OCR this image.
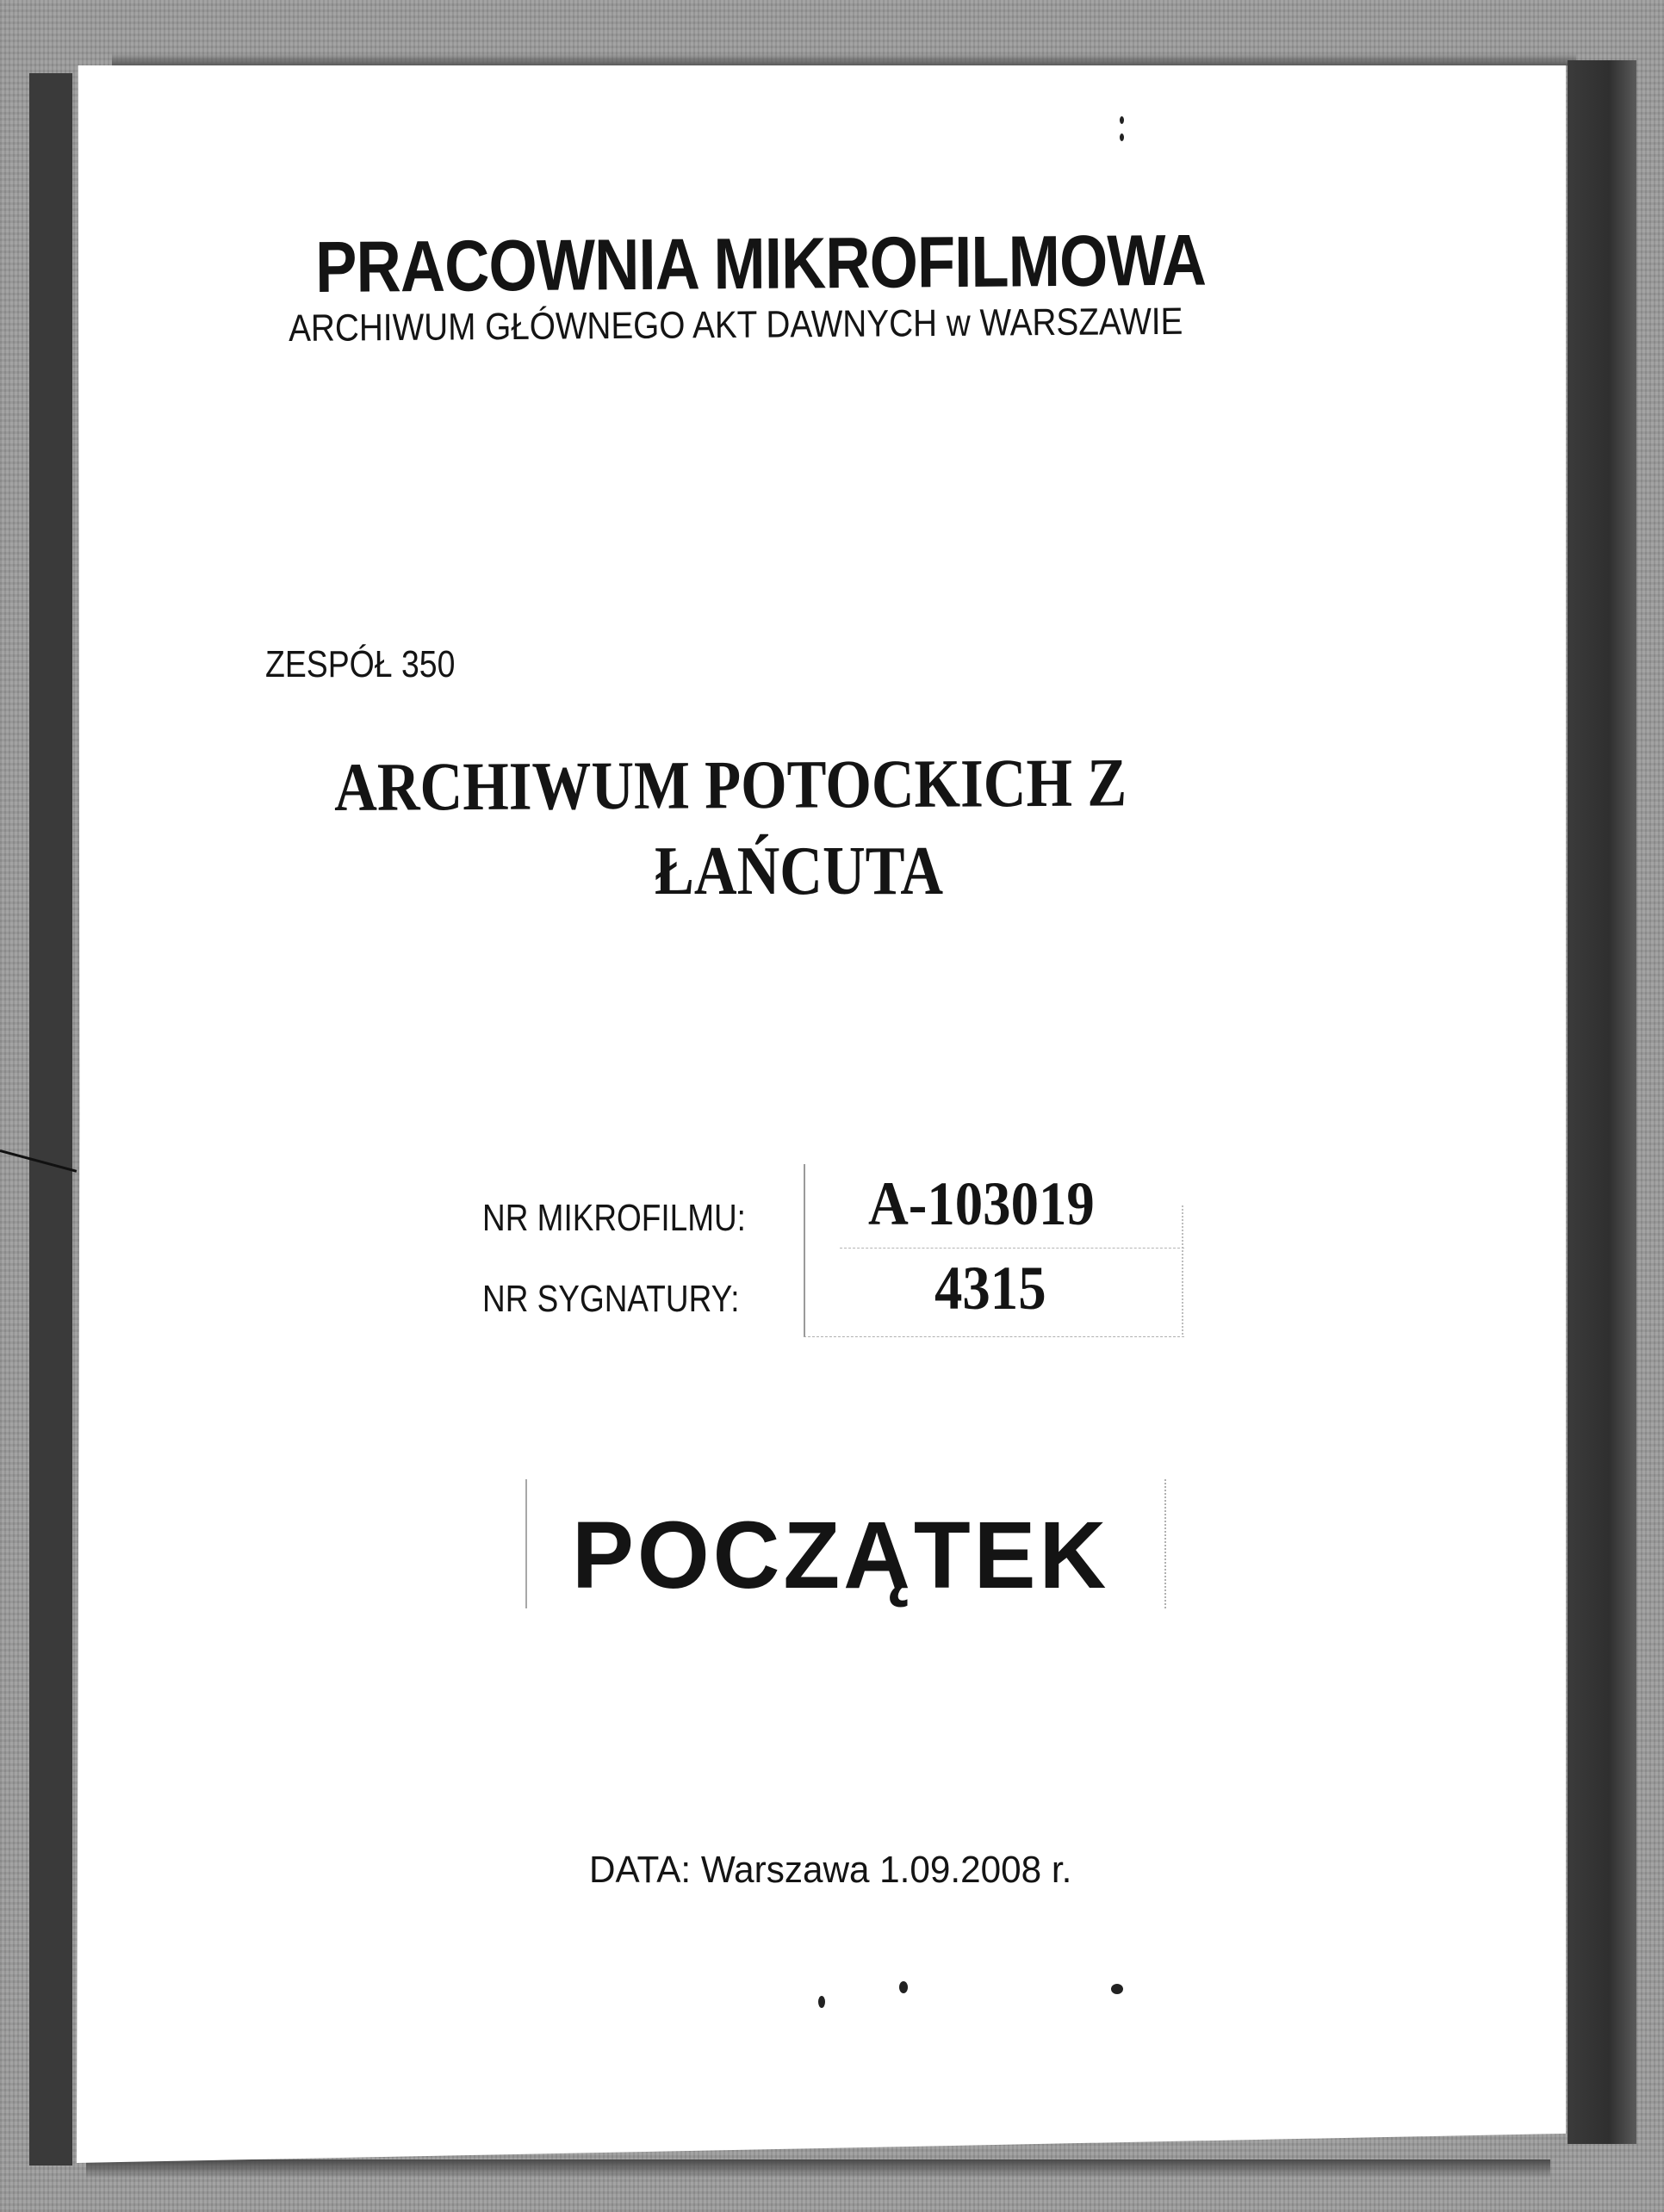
PRACOWNIA MIKROFILMOWA

ARCHIWUM GŁÓWNEGO AKT DAWNYCH w WARSZAWIE

ZESPÓŁ 350

ARCHIWUM POTOCKICH Z

ŁAŃCUTA

NR MIKROFILMU: A-103019

NR SYGNATURY:	4315

POCZĄTEK

DATA: Warszawa 1.09.2008 r.
